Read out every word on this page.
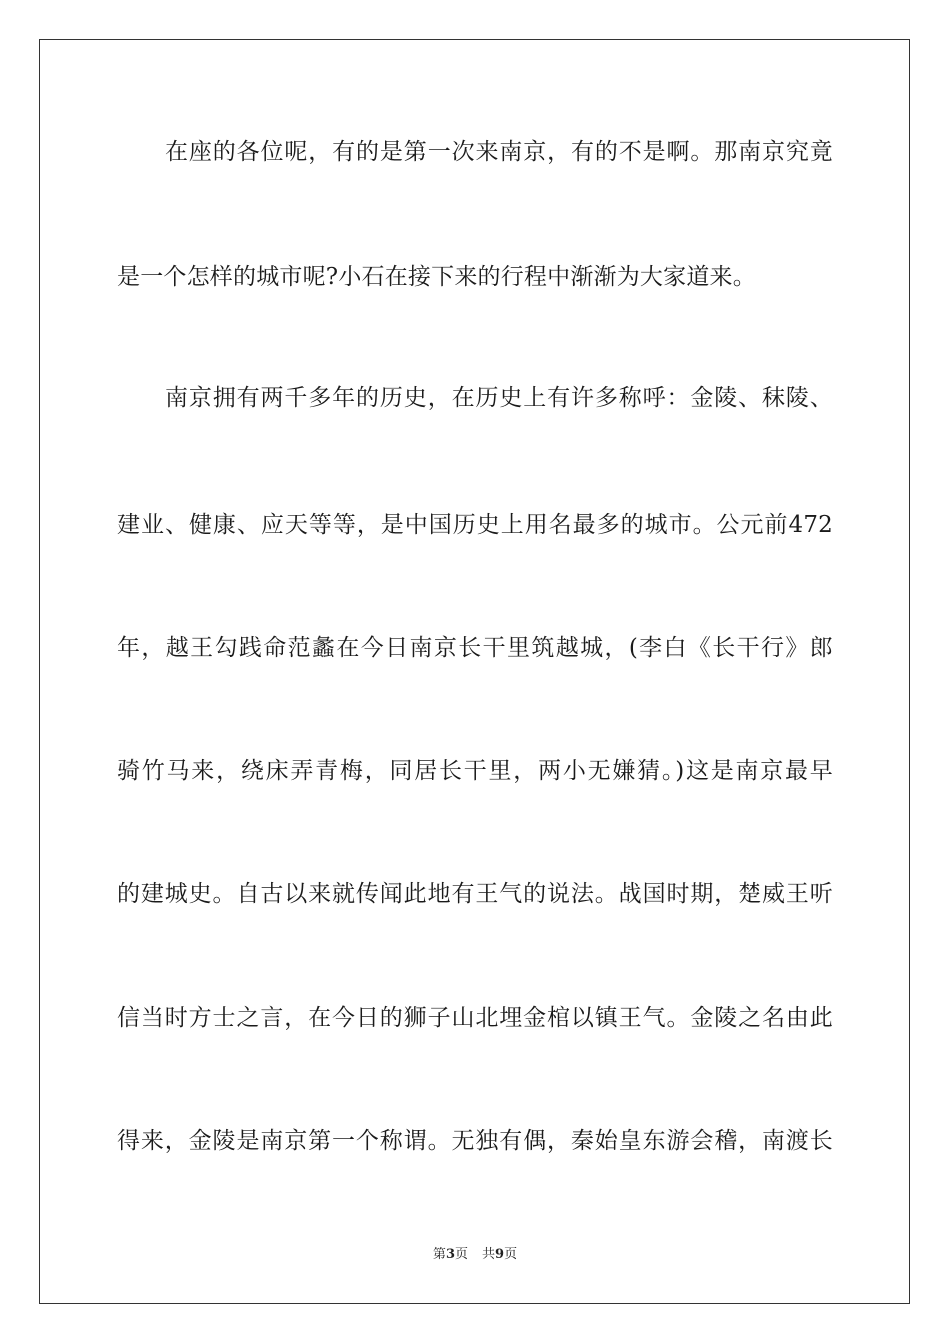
在座的各位呢，有的是第一次来南京，有的不是啊。那南京究竟
是一个怎样的城市呢?小石在接下来的行程中渐渐为大家道来。
南京拥有两千多年的历史，在历史上有许多称呼：金陵、秣陵、
建业、健康、应天等等，是中国历史上用名最多的城市。公元前472
年，越王勾践命范蠡在今日南京长干里筑越城，(李白《长干行》郎
骑竹马来，绕床弄青梅，同居长干里，两小无嫌猜。)这是南京最早
的建城史。自古以来就传闻此地有王气的说法。战国时期，楚威王听
信当时方士之言，在今日的狮子山北埋金棺以镇王气。金陵之名由此
得来，金陵是南京第一个称谓。无独有偶，秦始皇东游会稽，南渡长
第3页 共9页
